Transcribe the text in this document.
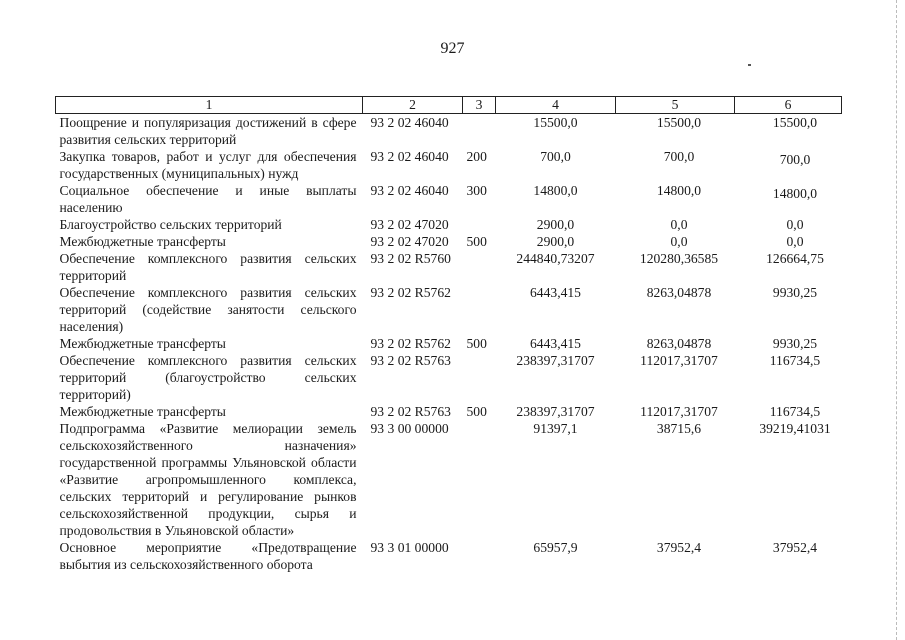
927
1	2	3	4	5	6
Поощрение и популяризация достижений в сфере развития сельских территорий	93 2 02 46040		15500,0	15500,0	15500,0
Закупка товаров, работ и услуг для обеспечения государственных (муниципальных) нужд	93 2 02 46040	200	700,0	700,0	700,0
Социальное обеспечение и иные выплаты населению	93 2 02 46040	300	14800,0	14800,0	14800,0
Благоустройство сельских территорий	93 2 02 47020		2900,0	0,0	0,0
Межбюджетные трансферты	93 2 02 47020	500	2900,0	0,0	0,0
Обеспечение комплексного развития сельских территорий	93 2 02 R5760		244840,73207	120280,36585	126664,75
Обеспечение комплексного развития сельских территорий (содействие занятости сельского населения)	93 2 02 R5762		6443,415	8263,04878	9930,25
Межбюджетные трансферты	93 2 02 R5762	500	6443,415	8263,04878	9930,25
Обеспечение комплексного развития сельских территорий (благоустройство сельских территорий)	93 2 02 R5763		238397,31707	112017,31707	116734,5
Межбюджетные трансферты	93 2 02 R5763	500	238397,31707	112017,31707	116734,5
Подпрограмма «Развитие мелиорации земель сельскохозяйственного назначения» государственной программы Ульяновской области «Развитие агропромышленного комплекса, сельских территорий и регулирование рынков сельскохозяйственной продукции, сырья и продовольствия в Ульяновской области»	93 3 00 00000		91397,1	38715,6	39219,41031
Основное мероприятие «Предотвращение выбытия из сельскохозяйственного оборота	93 3 01 00000		65957,9	37952,4	37952,4
